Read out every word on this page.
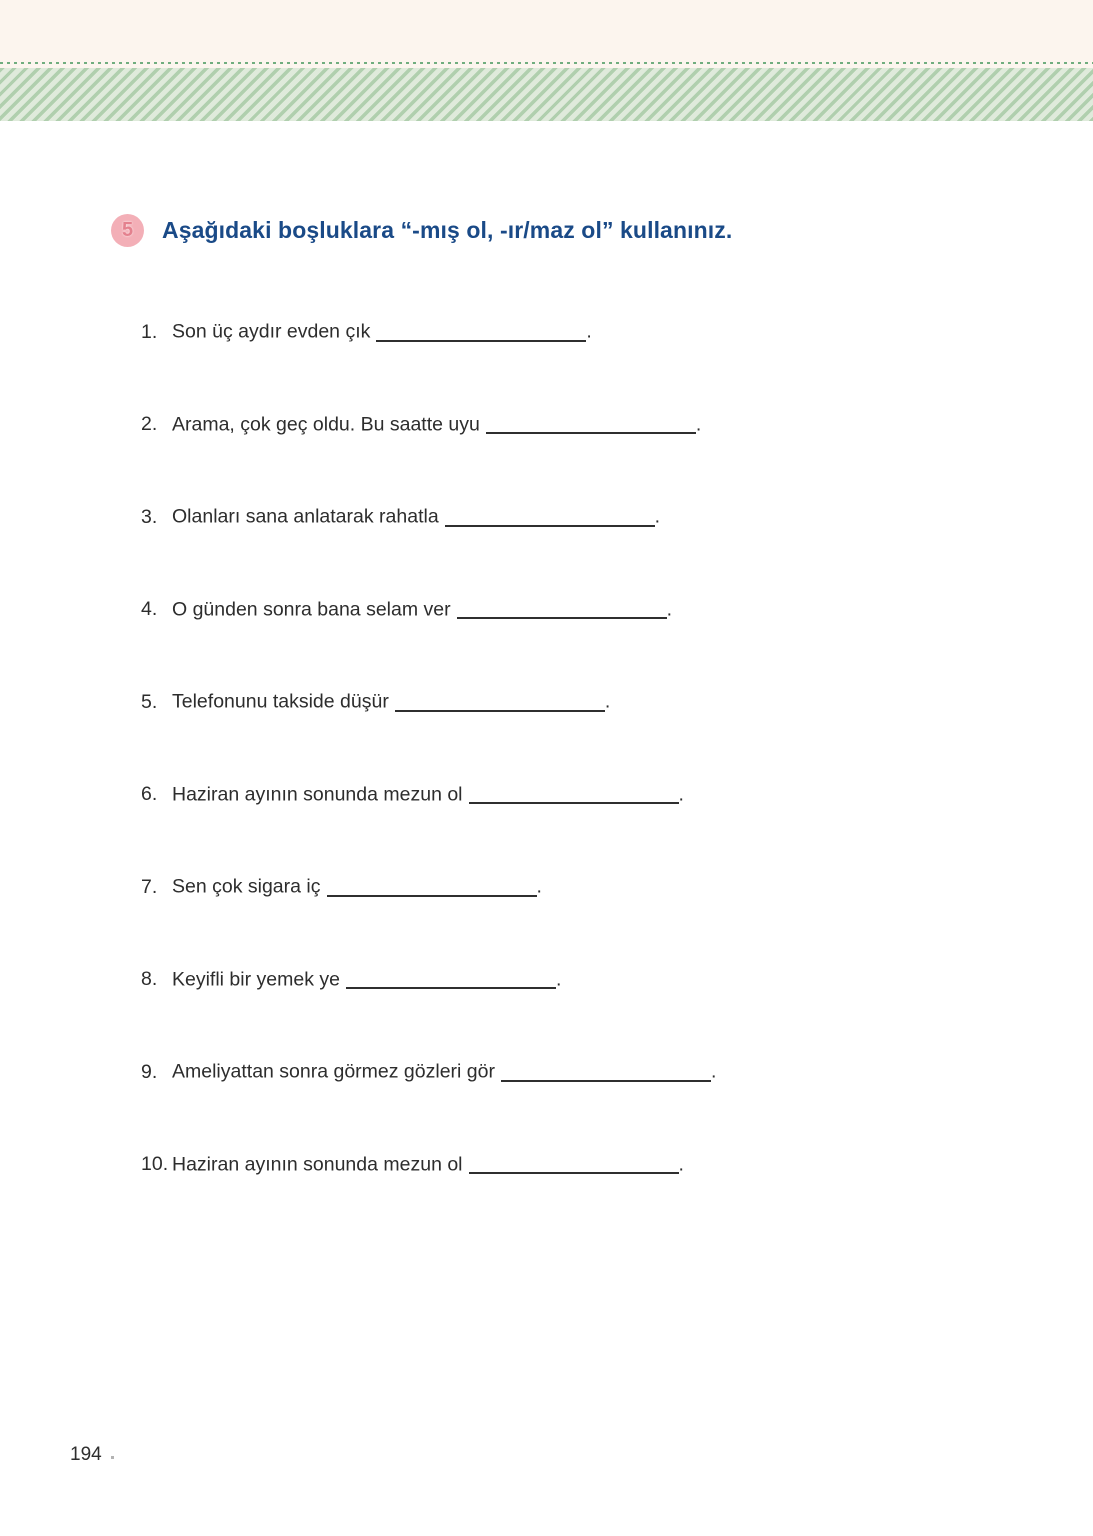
5	Aşağıdaki boşluklara “-mış ol, -ır/maz ol” kullanınız.
1. Son üç aydır evden çık	.
2. Arama, çok geç oldu. Bu saatte uyu	.
3. Olanları sana anlatarak rahatla	.
4. O günden sonra bana selam ver	.
5. Telefonunu takside düşür	.
6. Haziran ayının sonunda mezun ol	.
7. Sen çok sigara iç	.
8. Keyifli bir yemek ye	.
9. Ameliyattan sonra görmez gözleri gör	.
10. Haziran ayının sonunda mezun ol	.
194
